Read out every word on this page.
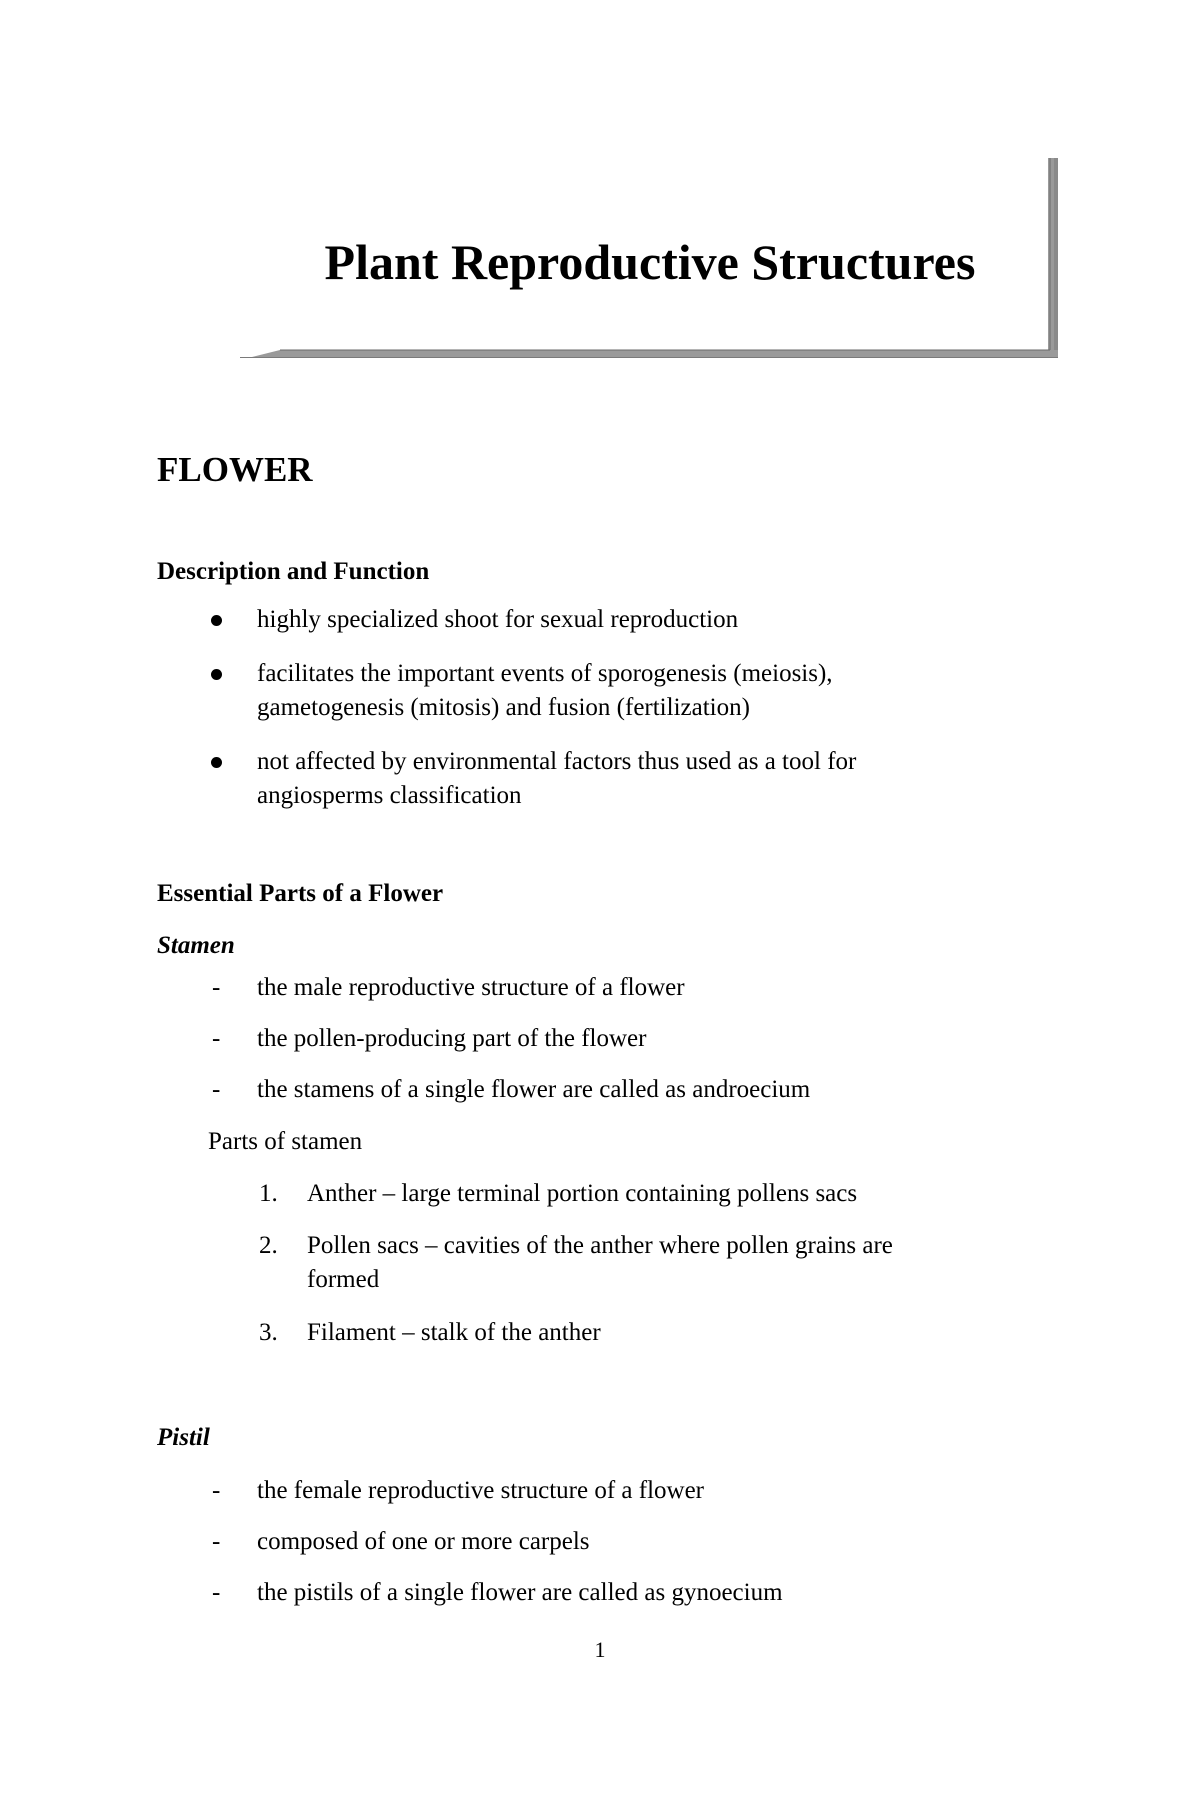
Plant Reproductive Structures
FLOWER
Description and Function
highly specialized shoot for sexual reproduction
facilitates the important events of sporogenesis (meiosis),
gametogenesis (mitosis) and fusion (fertilization)
not affected by environmental factors thus used as a tool for
angiosperms classification
Essential Parts of a Flower
Stamen
- the male reproductive structure of a flower
- the pollen-producing part of the flower
- the stamens of a single flower are called as androecium
Parts of stamen
1. Anther – large terminal portion containing pollens sacs
2. Pollen sacs – cavities of the anther where pollen grains are
formed
3. Filament – stalk of the anther
Pistil
- the female reproductive structure of a flower
- composed of one or more carpels
- the pistils of a single flower are called as gynoecium
1
